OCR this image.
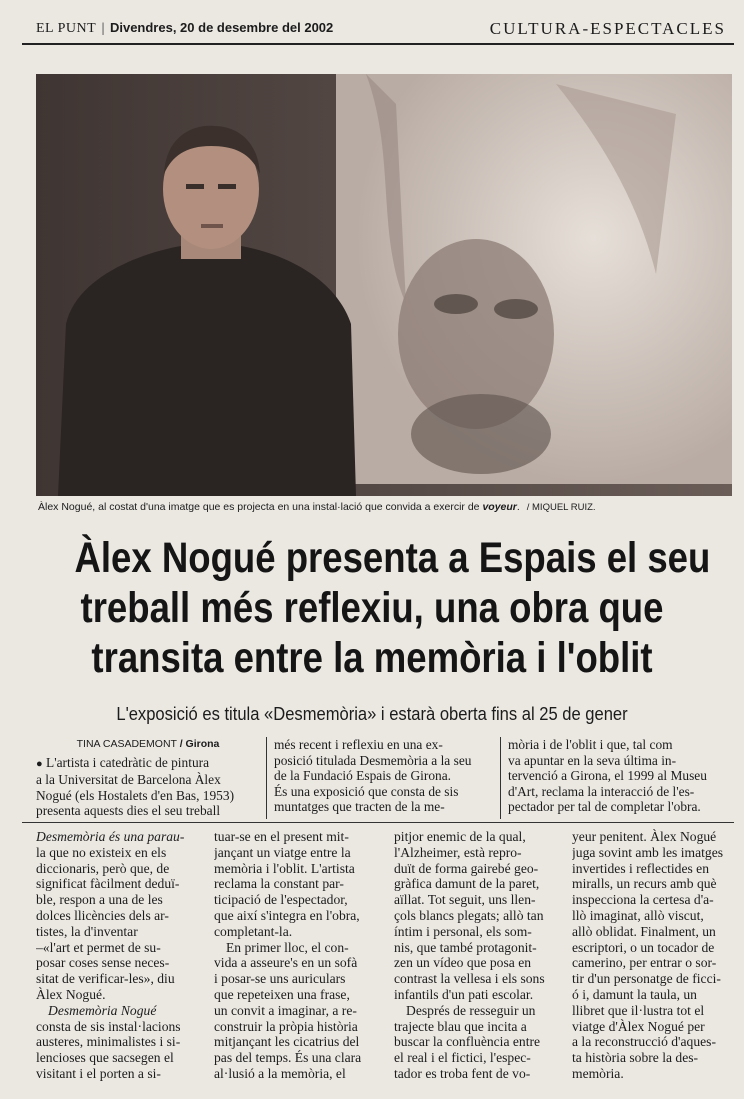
EL PUNT | Divendres, 20 de desembre del 2002	CULTURA-ESPECTACLES
Àlex Nogué, al costat d'una imatge que es projecta en una instal·lació que convida a exercir de voyeur. / MIQUEL RUIZ.
Àlex Nogué presenta a Espais el seu
treball més reflexiu, una obra que
transita entre la memòria i l'oblit
L'exposició es titula «Desmemòria» i estarà oberta fins al 25 de gener
TINA CASADEMONT / Girona
● L'artista i catedràtic de pintura
a la Universitat de Barcelona Àlex
Nogué (els Hostalets d'en Bas, 1953)
presenta aquests dies el seu treball
més recent i reflexiu en una ex-
posició titulada Desmemòria a la seu
de la Fundació Espais de Girona.
És una exposició que consta de sis
muntatges que tracten de la me-
mòria i de l'oblit i que, tal com
va apuntar en la seva última in-
tervenció a Girona, el 1999 al Museu
d'Art, reclama la interacció de l'es-
pectador per tal de completar l'obra.
Desmemòria és una parau-
la que no existeix en els
diccionaris, però que, de
significat fàcilment deduï-
ble, respon a una de les
dolces llicències dels ar-
tistes, la d'inventar
–«l'art et permet de su-
posar coses sense neces-
sitat de verificar-les», diu
Àlex Nogué.
Desmemòria Nogué
consta de sis instal·lacions
austeres, minimalistes i si-
lencioses que sacsegen el
visitant i el porten a si-
tuar-se en el present mit-
jançant un viatge entre la
memòria i l'oblit. L'artista
reclama la constant par-
ticipació de l'espectador,
que així s'integra en l'obra,
completant-la.
En primer lloc, el con-
vida a asseure's en un sofà
i posar-se uns auriculars
que repeteixen una frase,
un convit a imaginar, a re-
construir la pròpia història
mitjançant les cicatrius del
pas del temps. És una clara
al·lusió a la memòria, el
pitjor enemic de la qual,
l'Alzheimer, està repro-
duït de forma gairebé geo-
gràfica damunt de la paret,
aïllat. Tot seguit, uns llen-
çols blancs plegats; allò tan
íntim i personal, els som-
nis, que també protagonit-
zen un vídeo que posa en
contrast la vellesa i els sons
infantils d'un pati escolar.
Després de resseguir un
trajecte blau que incita a
buscar la confluència entre
el real i el fictici, l'espec-
tador es troba fent de vo-
yeur penitent. Àlex Nogué
juga sovint amb les imatges
invertides i reflectides en
miralls, un recurs amb què
inspecciona la certesa d'a-
llò imaginat, allò viscut,
allò oblidat. Finalment, un
escriptori, o un tocador de
camerino, per entrar o sor-
tir d'un personatge de ficci-
ó i, damunt la taula, un
llibret que il·lustra tot el
viatge d'Àlex Nogué per
a la reconstrucció d'aques-
ta història sobre la des-
memòria.
